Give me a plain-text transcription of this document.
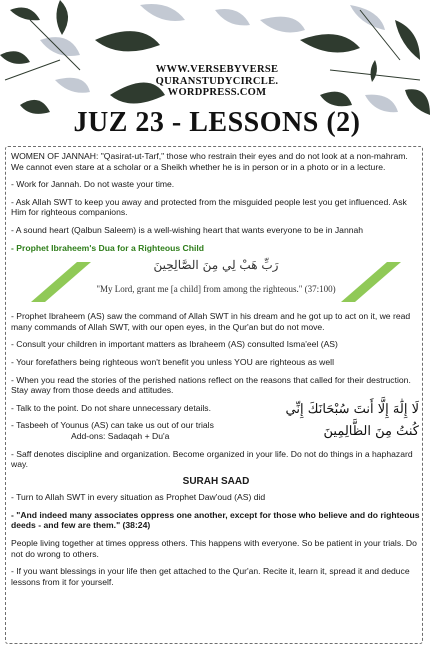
WWW.VERSEBYVERSE
QURANSTUDYCIRCLE.
WORDPRESS.COM
JUZ 23 - LESSONS (2)

WOMEN OF JANNAH: "Qasirat-ut-Tarf," those who restrain their eyes and do not look at a non-mahram. We cannot even stare at a scholar or a Sheikh whether he is in person or in a photo or in a lecture.

- Work for Jannah. Do not waste your time.

- Ask Allah SWT to keep you away and protected from the misguided people lest you get influenced. Ask Him for righteous companions.

- A sound heart (Qalbun Saleem) is a well-wishing heart that wants everyone to be in Jannah

- Prophet Ibraheem's Dua for a Righteous Child

رَبِّ هَبْ لِي مِنَ الصَّالِحِينَ
"My Lord, grant me [a child] from among the righteous." (37:100)

- Prophet Ibraheem (AS) saw the command of Allah SWT in his dream and he got up to act on it, we read many commands of Allah SWT, with our open eyes, in the Qur'an but do not move.

- Consult your children in important matters as Ibraheem (AS) consulted Isma'eel (AS)

- Your forefathers being righteous won't benefit you unless YOU are righteous as well

- When you read the stories of the perished nations reflect on the reasons that called for their destruction. Stay away from those deeds and attitudes.

لَا إِلَٰهَ إِلَّا أَنتَ سُبْحَانَكَ إِنِّي
كُنتُ مِنَ الظَّالِمِينَ

- Talk to the point. Do not share unnecessary details.

- Tasbeeh of Younus (AS) can take us out of our trials

Add-ons: Sadaqah + Du'a

- Saff denotes discipline and organization. Become organized in your life. Do not do things in a haphazard way.

SURAH SAAD

- Turn to Allah SWT in every situation as Prophet Daw'oud (AS) did

- "And indeed many associates oppress one another, except for those who believe and do righteous deeds - and few are them." (38:24)

People living together at times oppress others. This happens with everyone. So be patient in your trials. Do not do wrong to others.

- If you want blessings in your life then get attached to the Qur'an. Recite it, learn it, spread it and deduce lessons from it for yourself.
